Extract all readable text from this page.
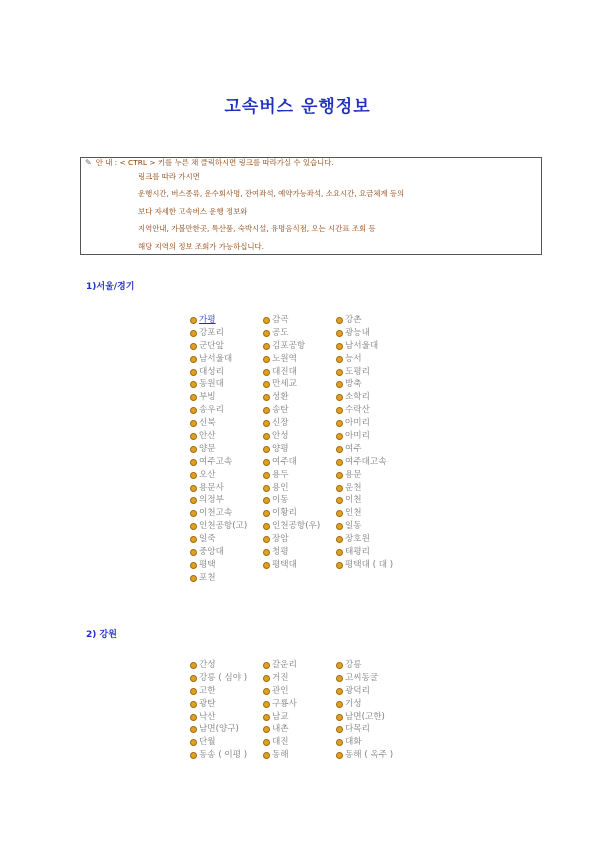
고속버스 운행정보
✎ 안 내 : < CTRL > 키를 누른 채 클릭하시면 링크를 따라가실 수 있습니다.
링크를 따라 가시면
운행시간, 버스종류, 운수회사명, 잔여좌석, 예약가능좌석, 소요시간, 요금체계 등의
보다 자세한 고속버스 운행 정보와
지역안내, 가볼만한곳, 특산품, 숙박시설, 유명음식점, 오는 시간표 조회 등
해당 지역의 정보 조회가 가능하십니다.
1)서울/경기
가평	감곡	강촌
강포리	공도	광능내
군단앞	김포공항	남서울대
남서울대	노원역	능서
대성리	대진대	도평리
동원대	만세교	방축
부빙	성환	소학리
송우리	송탄	수락산
신북	신장	아미리
안산	안성	아미리
양문	양평	여주
여주고속	여주대	여주대고속
오산	용두	용문
용문사	용인	운천
의정부	이동	이천
이천고속	이황리	인천
인천공항(고)	인천공항(우)	일동
일죽	장암	장호원
중앙대	청평	태평리
평택	평택대	평택대 ( 대 )
포천
2) 강원
간성	갈운리	강릉
강릉 ( 심야 )	거진	고씨동굴
고한	관인	광덕리
광탄	구룡사	기성
낙산	남교	남면(고한)
남면(양구)	내촌	다목리
단월	대진	대화
동송 ( 이평 )	동해	동해 ( 옥주 )
